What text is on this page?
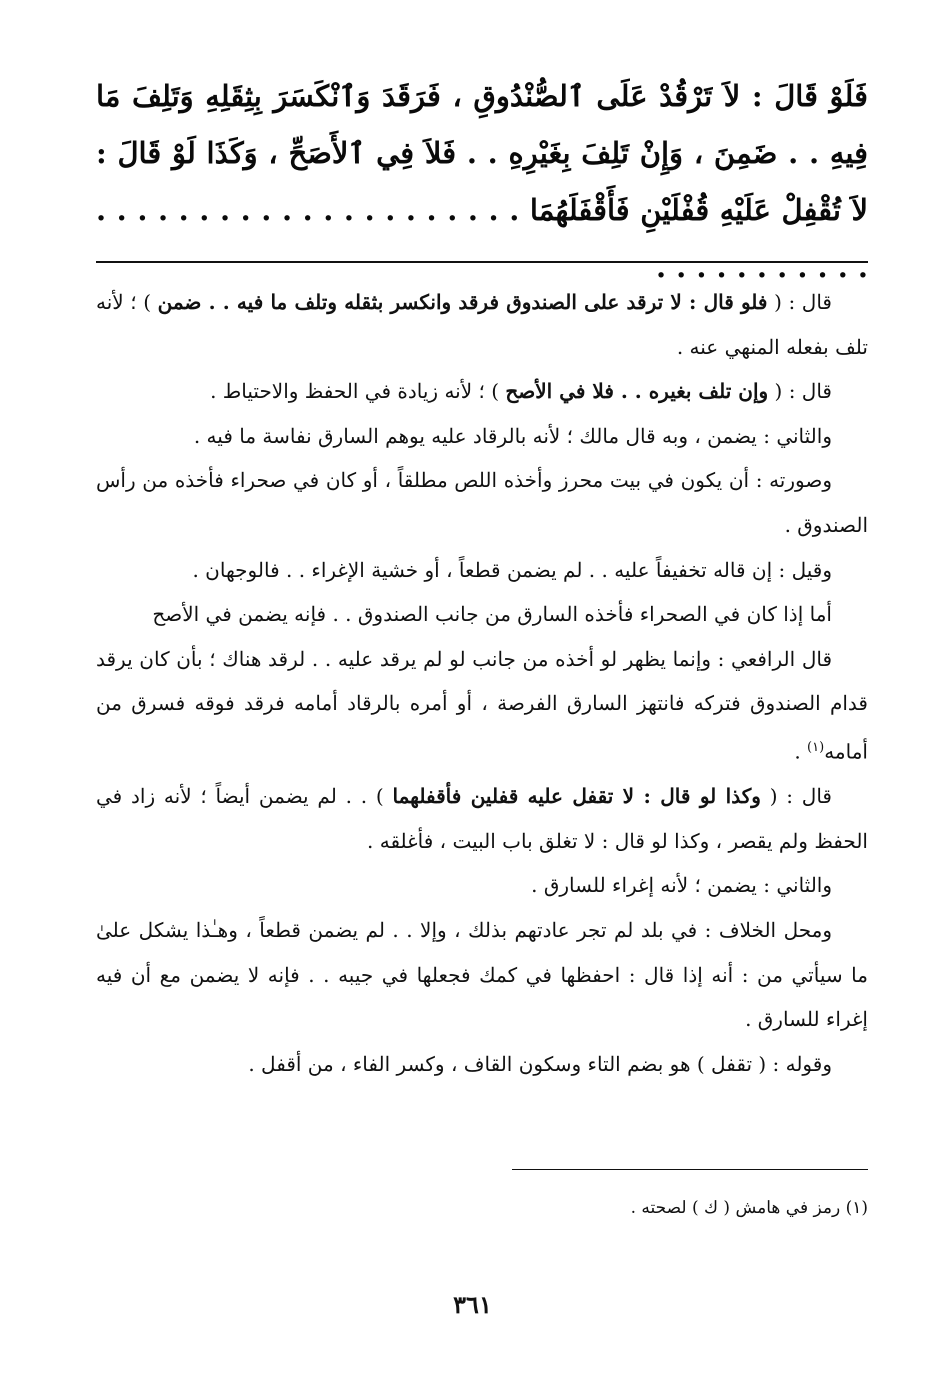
فَلَوْ قَالَ : لاَ تَرْقُدْ عَلَى ٱلصُّنْدُوقِ ، فَرَقَدَ وَٱنْكَسَرَ بِثِقَلِهِ وَتَلِفَ مَا فِيهِ . . ضَمِنَ ، وَإِنْ تَلِفَ بِغَيْرِهِ . . فَلاَ فِي ٱلأَصَحِّ ، وَكَذَا لَوْ قَالَ : لاَ تُقْفِلْ عَلَيْهِ قُفْلَيْنِ فَأَقْفَلَهُمَا . . . . . . . . . . . . . . . . . . . . . . . . . . . . . . . .

قال : ( فلو قال : لا ترقد على الصندوق فرقد وانكسر بثقله وتلف ما فيه . . ضمن ) ؛ لأنه تلف بفعله المنهي عنه .

قال : ( وإن تلف بغيره . . فلا في الأصح ) ؛ لأنه زيادة في الحفظ والاحتياط .

والثاني : يضمن ، وبه قال مالك ؛ لأنه بالرقاد عليه يوهم السارق نفاسة ما فيه .

وصورته : أن يكون في بيت محرز وأخذه اللص مطلقاً ، أو كان في صحراء فأخذه من رأس الصندوق .

وقيل : إن قاله تخفيفاً عليه . . لم يضمن قطعاً ، أو خشية الإغراء . . فالوجهان .

أما إذا كان في الصحراء فأخذه السارق من جانب الصندوق . . فإنه يضمن في الأصح

قال الرافعي : وإنما يظهر لو أخذه من جانب لو لم يرقد عليه . . لرقد هناك ؛ بأن كان يرقد قدام الصندوق فتركه فانتهز السارق الفرصة ، أو أمره بالرقاد أمامه فرقد فوقه فسرق من أمامه$^{(١)}$ .

قال : ( وكذا لو قال : لا تقفل عليه قفلين فأقفلهما ) . . لم يضمن أيضاً ؛ لأنه زاد في الحفظ ولم يقصر ، وكذا لو قال : لا تغلق باب البيت ، فأغلقه .

والثاني : يضمن ؛ لأنه إغراء للسارق .

ومحل الخلاف : في بلد لم تجر عادتهم بذلك ، وإلا . . لم يضمن قطعاً ، وهـٰذا يشكل علىٰ ما سيأتي من : أنه إذا قال : احفظها في كمك فجعلها في جيبه . . فإنه لا يضمن مع أن فيه إغراء للسارق .

وقوله : ( تقفل ) هو بضم التاء وسكون القاف ، وكسر الفاء ، من أقفل .

(١) رمز في هامش ( ك ) لصحته .
٣٦١
